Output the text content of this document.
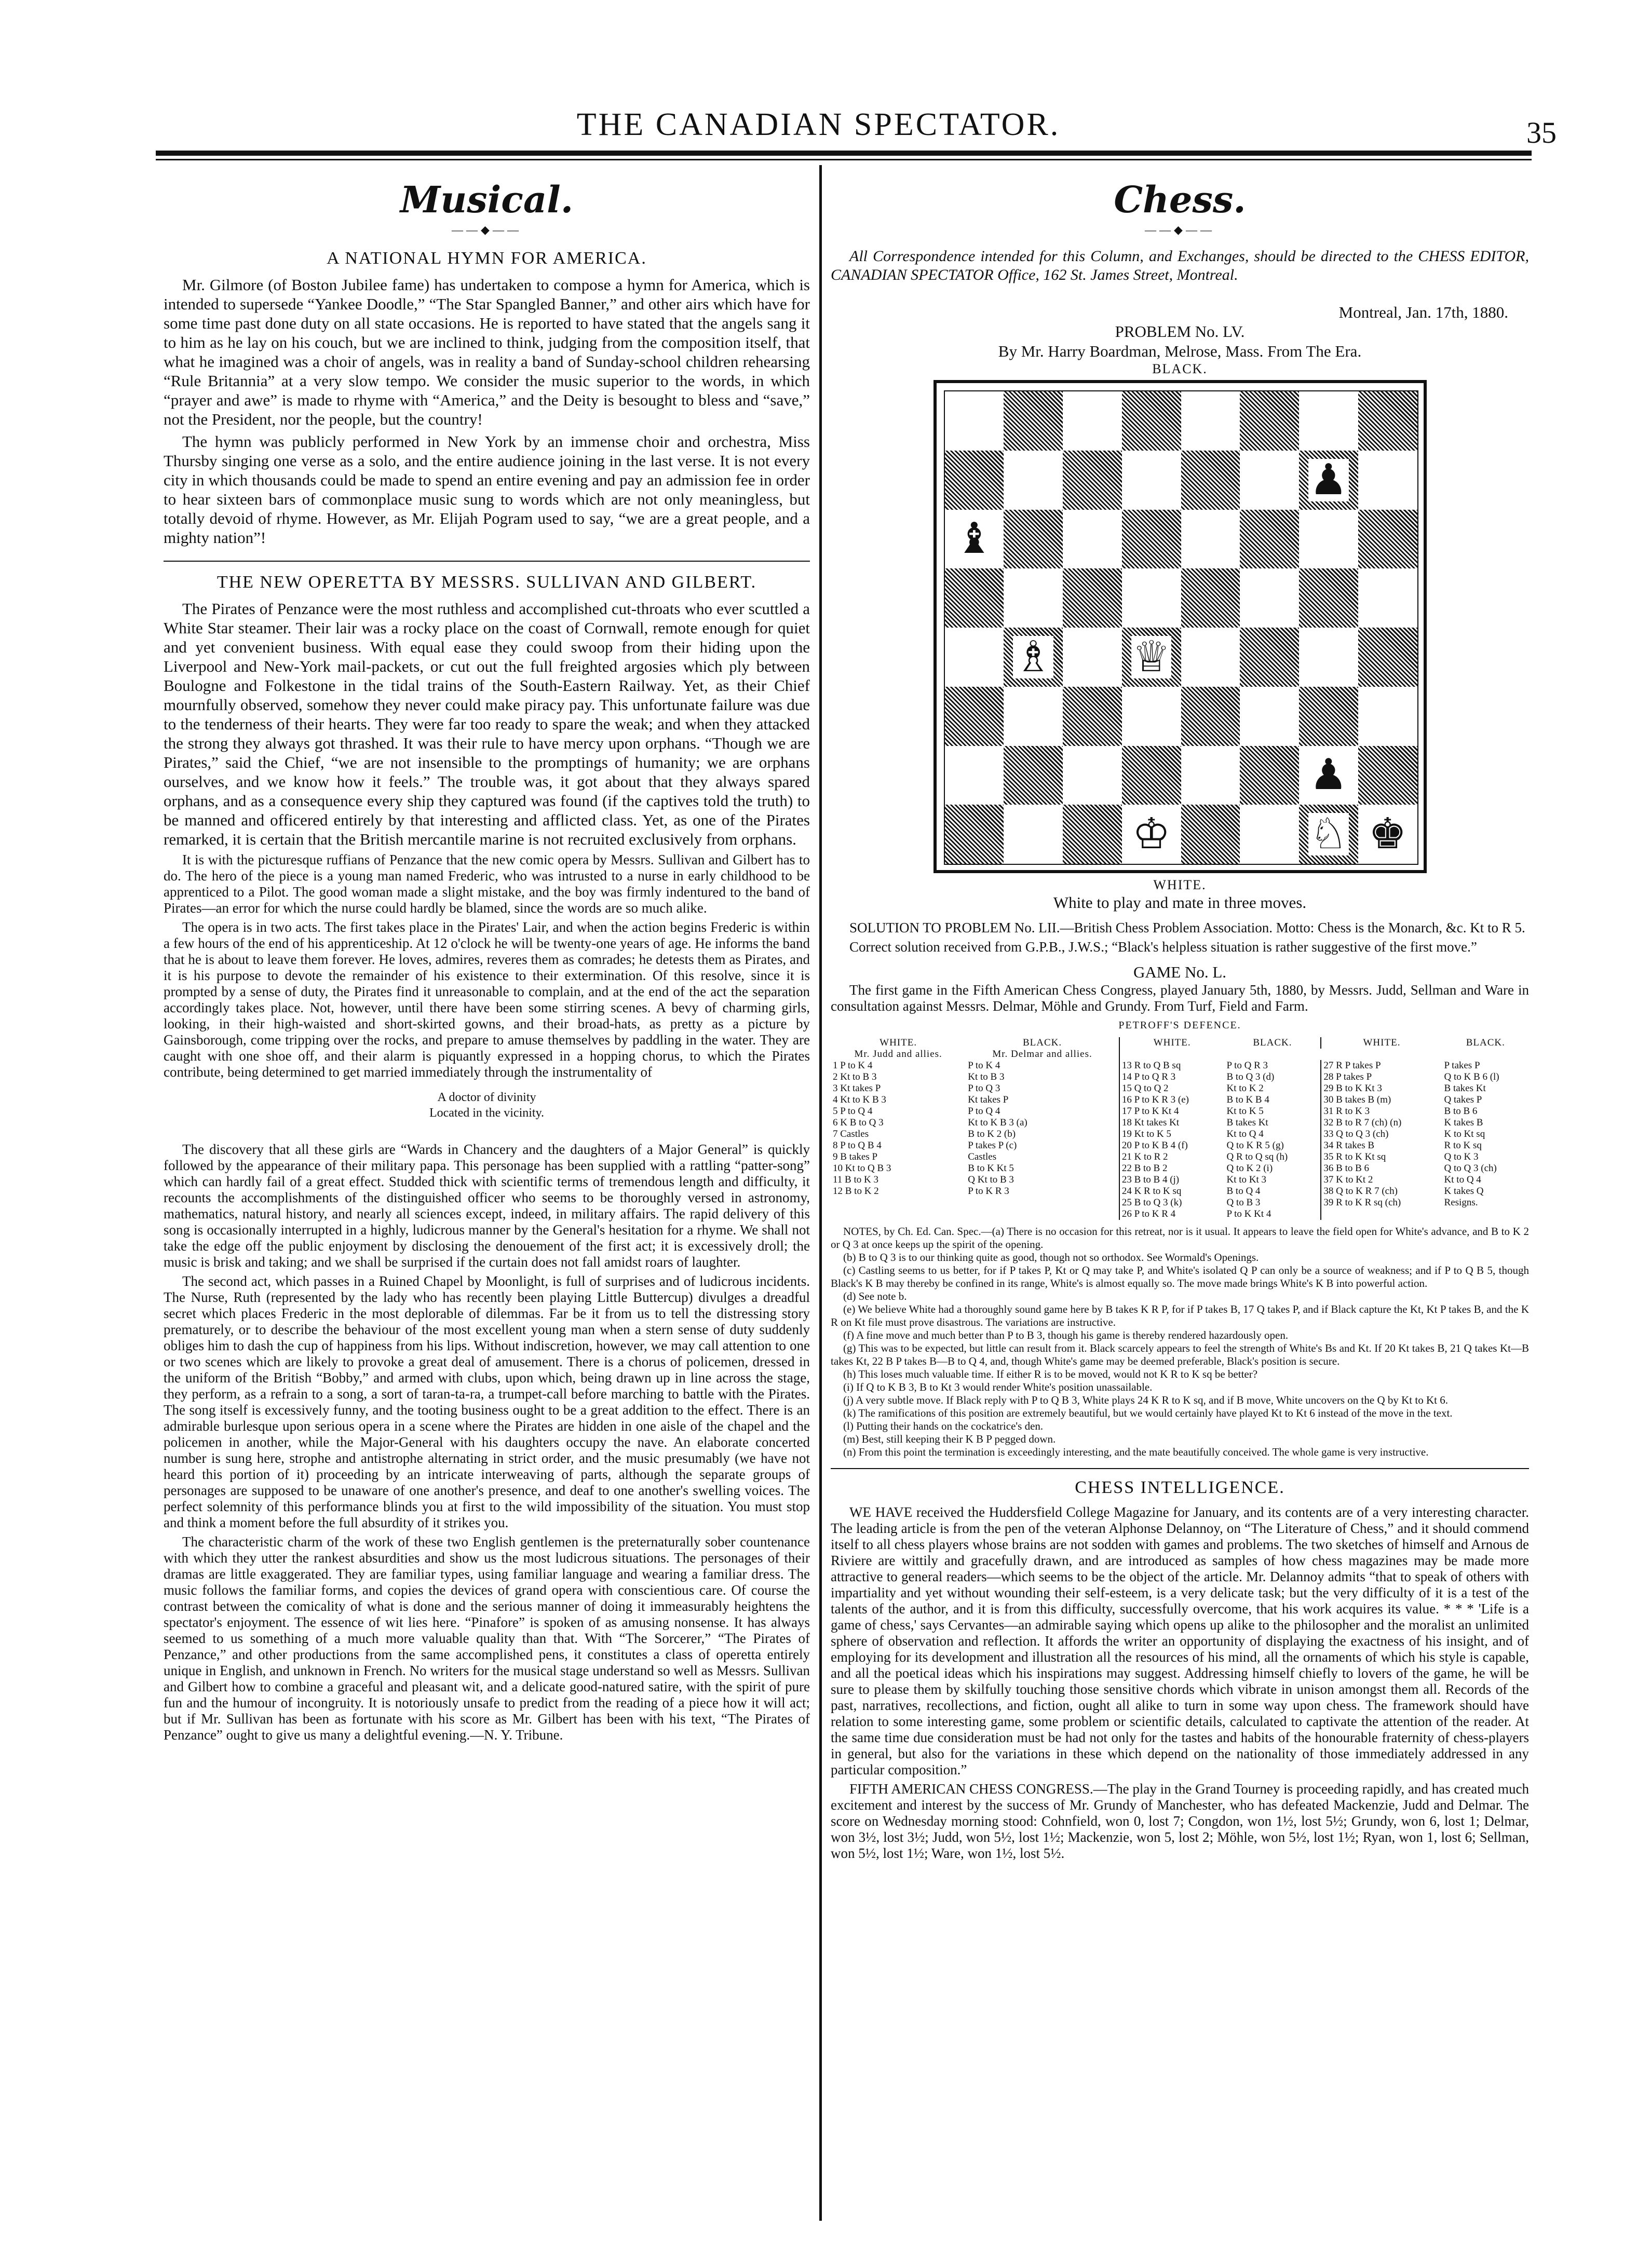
THE CANADIAN SPECTATOR.	35
Musical.
——◆——
A NATIONAL HYMN FOR AMERICA.

Mr. Gilmore (of Boston Jubilee fame) has undertaken to compose a hymn for America, which is intended to supersede “Yankee Doodle,” “The Star Spangled Banner,” and other airs which have for some time past done duty on all state occasions. He is reported to have stated that the angels sang it to him as he lay on his couch, but we are inclined to think, judging from the composition itself, that what he imagined was a choir of angels, was in reality a band of Sunday-school children rehearsing “Rule Britannia” at a very slow tempo. We consider the music superior to the words, in which “prayer and awe” is made to rhyme with “America,” and the Deity is besought to bless and “save,” not the President, nor the people, but the country!

The hymn was publicly performed in New York by an immense choir and orchestra, Miss Thursby singing one verse as a solo, and the entire audience joining in the last verse. It is not every city in which thousands could be made to spend an entire evening and pay an admission fee in order to hear sixteen bars of commonplace music sung to words which are not only meaningless, but totally devoid of rhyme. However, as Mr. Elijah Pogram used to say, “we are a great people, and a mighty nation”!

THE NEW OPERETTA BY MESSRS. SULLIVAN AND GILBERT.

The Pirates of Penzance were the most ruthless and accomplished cut-throats who ever scuttled a White Star steamer. Their lair was a rocky place on the coast of Cornwall, remote enough for quiet and yet convenient business. With equal ease they could swoop from their hiding upon the Liverpool and New-York mail-packets, or cut out the full freighted argosies which ply between Boulogne and Folkestone in the tidal trains of the South-Eastern Railway. Yet, as their Chief mournfully observed, somehow they never could make piracy pay. This unfortunate failure was due to the tenderness of their hearts. They were far too ready to spare the weak; and when they attacked the strong they always got thrashed. It was their rule to have mercy upon orphans. “Though we are Pirates,” said the Chief, “we are not insensible to the promptings of humanity; we are orphans ourselves, and we know how it feels.” The trouble was, it got about that they always spared orphans, and as a consequence every ship they captured was found (if the captives told the truth) to be manned and officered entirely by that interesting and afflicted class. Yet, as one of the Pirates remarked, it is certain that the British mercantile marine is not recruited exclusively from orphans.

It is with the picturesque ruffians of Penzance that the new comic opera by Messrs. Sullivan and Gilbert has to do. The hero of the piece is a young man named Frederic, who was intrusted to a nurse in early childhood to be apprenticed to a Pilot. The good woman made a slight mistake, and the boy was firmly indentured to the band of Pirates—an error for which the nurse could hardly be blamed, since the words are so much alike.

The opera is in two acts. The first takes place in the Pirates' Lair, and when the action begins Frederic is within a few hours of the end of his apprenticeship. At 12 o'clock he will be twenty-one years of age. He informs the band that he is about to leave them forever. He loves, admires, reveres them as comrades; he detests them as Pirates, and it is his purpose to devote the remainder of his existence to their extermination. Of this resolve, since it is prompted by a sense of duty, the Pirates find it unreasonable to complain, and at the end of the act the separation accordingly takes place. Not, however, until there have been some stirring scenes. A bevy of charming girls, looking, in their high-waisted and short-skirted gowns, and their broad-hats, as pretty as a picture by Gainsborough, come tripping over the rocks, and prepare to amuse themselves by paddling in the water. They are caught with one shoe off, and their alarm is piquantly expressed in a hopping chorus, to which the Pirates contribute, being determined to get married immediately through the instrumentality of

A doctor of divinity
Located in the vicinity.

The discovery that all these girls are “Wards in Chancery and the daughters of a Major General” is quickly followed by the appearance of their military papa. This personage has been supplied with a rattling “patter-song” which can hardly fail of a great effect. Studded thick with scientific terms of tremendous length and difficulty, it recounts the accomplishments of the distinguished officer who seems to be thoroughly versed in astronomy, mathematics, natural history, and nearly all sciences except, indeed, in military affairs. The rapid delivery of this song is occasionally interrupted in a highly, ludicrous manner by the General's hesitation for a rhyme. We shall not take the edge off the public enjoyment by disclosing the denouement of the first act; it is excessively droll; the music is brisk and taking; and we shall be surprised if the curtain does not fall amidst roars of laughter.

The second act, which passes in a Ruined Chapel by Moonlight, is full of surprises and of ludicrous incidents. The Nurse, Ruth (represented by the lady who has recently been playing Little Buttercup) divulges a dreadful secret which places Frederic in the most deplorable of dilemmas. Far be it from us to tell the distressing story prematurely, or to describe the behaviour of the most excellent young man when a stern sense of duty suddenly obliges him to dash the cup of happiness from his lips. Without indiscretion, however, we may call attention to one or two scenes which are likely to provoke a great deal of amusement. There is a chorus of policemen, dressed in the uniform of the British “Bobby,” and armed with clubs, upon which, being drawn up in line across the stage, they perform, as a refrain to a song, a sort of taran-ta-ra, a trumpet-call before marching to battle with the Pirates. The song itself is excessively funny, and the tooting business ought to be a great addition to the effect. There is an admirable burlesque upon serious opera in a scene where the Pirates are hidden in one aisle of the chapel and the policemen in another, while the Major-General with his daughters occupy the nave. An elaborate concerted number is sung here, strophe and antistrophe alternating in strict order, and the music presumably (we have not heard this portion of it) proceeding by an intricate interweaving of parts, although the separate groups of personages are supposed to be unaware of one another's presence, and deaf to one another's swelling voices. The perfect solemnity of this performance blinds you at first to the wild impossibility of the situation. You must stop and think a moment before the full absurdity of it strikes you.

The characteristic charm of the work of these two English gentlemen is the preternaturally sober countenance with which they utter the rankest absurdities and show us the most ludicrous situations. The personages of their dramas are little exaggerated. They are familiar types, using familiar language and wearing a familiar dress. The music follows the familiar forms, and copies the devices of grand opera with conscientious care. Of course the contrast between the comicality of what is done and the serious manner of doing it immeasurably heightens the spectator's enjoyment. The essence of wit lies here. “Pinafore” is spoken of as amusing nonsense. It has always seemed to us something of a much more valuable quality than that. With “The Sorcerer,” “The Pirates of Penzance,” and other productions from the same accomplished pens, it constitutes a class of operetta entirely unique in English, and unknown in French. No writers for the musical stage understand so well as Messrs. Sullivan and Gilbert how to combine a graceful and pleasant wit, and a delicate good-natured satire, with the spirit of pure fun and the humour of incongruity. It is notoriously unsafe to predict from the reading of a piece how it will act; but if Mr. Sullivan has been as fortunate with his score as Mr. Gilbert has been with his text, “The Pirates of Penzance” ought to give us many a delightful evening.—N. Y. Tribune.

Chess.
——◆——

All Correspondence intended for this Column, and Exchanges, should be directed to the CHESS EDITOR, CANADIAN SPECTATOR Office, 162 St. James Street, Montreal.

Montreal, Jan. 17th, 1880.
PROBLEM No. LV.
By Mr. Harry Boardman, Melrose, Mass. From The Era.
BLACK.
♟
♝
♗ ♕
♟
♔	♘ ♚
WHITE.
White to play and mate in three moves.

SOLUTION TO PROBLEM No. LII.—British Chess Problem Association. Motto: Chess is the Monarch, &c. Kt to R 5.

Correct solution received from G.P.B., J.W.S.; “Black's helpless situation is rather suggestive of the first move.”

GAME No. L.

The first game in the Fifth American Chess Congress, played January 5th, 1880, by Messrs. Judd, Sellman and Ware in consultation against Messrs. Delmar, Möhle and Grundy. From Turf, Field and Farm.

PETROFF'S DEFENCE.
WHITE.	BLACK.	WHITE.	BLACK.	WHITE.	BLACK.
Mr. Judd and allies.	Mr. Delmar and allies.				
1 P to K 4	P to K 4	13 R to Q B sq	P to Q R 3	27 R P takes P	P takes P
2 Kt to B 3	Kt to B 3	14 P to Q R 3	B to Q 3 (d)	28 P takes P	Q to K B 6 (l)
3 Kt takes P	P to Q 3	15 Q to Q 2	Kt to K 2	29 B to K Kt 3	B takes Kt
4 Kt to K B 3	Kt takes P	16 P to K R 3 (e)	B to K B 4	30 B takes B (m)	Q takes P
5 P to Q 4	P to Q 4	17 P to K Kt 4	Kt to K 5	31 R to K 3	B to B 6
6 K B to Q 3	Kt to K B 3 (a)	18 Kt takes Kt	B takes Kt	32 B to R 7 (ch) (n)	K takes B
7 Castles	B to K 2 (b)	19 Kt to K 5	Kt to Q 4	33 Q to Q 3 (ch)	K to Kt sq
8 P to Q B 4	P takes P (c)	20 P to K B 4 (f)	Q to K R 5 (g)	34 R takes B	R to K sq
9 B takes P	Castles	21 K to R 2	Q R to Q sq (h)	35 R to K Kt sq	Q to K 3
10 Kt to Q B 3	B to K Kt 5	22 B to B 2	Q to K 2 (i)	36 B to B 6	Q to Q 3 (ch)
11 B to K 3	Q Kt to B 3	23 B to B 4 (j)	Kt to Kt 3	37 K to Kt 2	Kt to Q 4
12 B to K 2	P to K R 3	24 K R to K sq	B to Q 4	38 Q to K R 7 (ch)	K takes Q
		25 B to Q 3 (k)	Q to B 3	39 R to K R sq (ch)	Resigns.
		26 P to K R 4	P to K Kt 4		

NOTES, by Ch. Ed. Can. Spec.—(a) There is no occasion for this retreat, nor is it usual. It appears to leave the field open for White's advance, and B to K 2 or Q 3 at once keeps up the spirit of the opening.

(b) B to Q 3 is to our thinking quite as good, though not so orthodox. See Wormald's Openings.

(c) Castling seems to us better, for if P takes P, Kt or Q may take P, and White's isolated Q P can only be a source of weakness; and if P to Q B 5, though Black's K B may thereby be confined in its range, White's is almost equally so. The move made brings White's K B into powerful action.

(d) See note b.

(e) We believe White had a thoroughly sound game here by B takes K R P, for if P takes B, 17 Q takes P, and if Black capture the Kt, Kt P takes B, and the K R on Kt file must prove disastrous. The variations are instructive.

(f) A fine move and much better than P to B 3, though his game is thereby rendered hazardously open.

(g) This was to be expected, but little can result from it. Black scarcely appears to feel the strength of White's Bs and Kt. If 20 Kt takes B, 21 Q takes Kt—B takes Kt, 22 B P takes B—B to Q 4, and, though White's game may be deemed preferable, Black's position is secure.

(h) This loses much valuable time. If either R is to be moved, would not K R to K sq be better?

(i) If Q to K B 3, B to Kt 3 would render White's position unassailable.

(j) A very subtle move. If Black reply with P to Q B 3, White plays 24 K R to K sq, and if B move, White uncovers on the Q by Kt to Kt 6.

(k) The ramifications of this position are extremely beautiful, but we would certainly have played Kt to Kt 6 instead of the move in the text.

(l) Putting their hands on the cockatrice's den.

(m) Best, still keeping their K B P pegged down.

(n) From this point the termination is exceedingly interesting, and the mate beautifully conceived. The whole game is very instructive.

CHESS INTELLIGENCE.

WE HAVE received the Huddersfield College Magazine for January, and its contents are of a very interesting character. The leading article is from the pen of the veteran Alphonse Delannoy, on “The Literature of Chess,” and it should commend itself to all chess players whose brains are not sodden with games and problems. The two sketches of himself and Arnous de Riviere are wittily and gracefully drawn, and are introduced as samples of how chess magazines may be made more attractive to general readers—which seems to be the object of the article. Mr. Delannoy admits “that to speak of others with impartiality and yet without wounding their self-esteem, is a very delicate task; but the very difficulty of it is a test of the talents of the author, and it is from this difficulty, successfully overcome, that his work acquires its value. * * * 'Life is a game of chess,' says Cervantes—an admirable saying which opens up alike to the philosopher and the moralist an unlimited sphere of observation and reflection. It affords the writer an opportunity of displaying the exactness of his insight, and of employing for its development and illustration all the resources of his mind, all the ornaments of which his style is capable, and all the poetical ideas which his inspirations may suggest. Addressing himself chiefly to lovers of the game, he will be sure to please them by skilfully touching those sensitive chords which vibrate in unison amongst them all. Records of the past, narratives, recollections, and fiction, ought all alike to turn in some way upon chess. The framework should have relation to some interesting game, some problem or scientific details, calculated to captivate the attention of the reader. At the same time due consideration must be had not only for the tastes and habits of the honourable fraternity of chess-players in general, but also for the variations in these which depend on the nationality of those immediately addressed in any particular composition.”

FIFTH AMERICAN CHESS CONGRESS.—The play in the Grand Tourney is proceeding rapidly, and has created much excitement and interest by the success of Mr. Grundy of Manchester, who has defeated Mackenzie, Judd and Delmar. The score on Wednesday morning stood: Cohnfield, won 0, lost 7; Congdon, won 1½, lost 5½; Grundy, won 6, lost 1; Delmar, won 3½, lost 3½; Judd, won 5½, lost 1½; Mackenzie, won 5, lost 2; Möhle, won 5½, lost 1½; Ryan, won 1, lost 6; Sellman, won 5½, lost 1½; Ware, won 1½, lost 5½.
